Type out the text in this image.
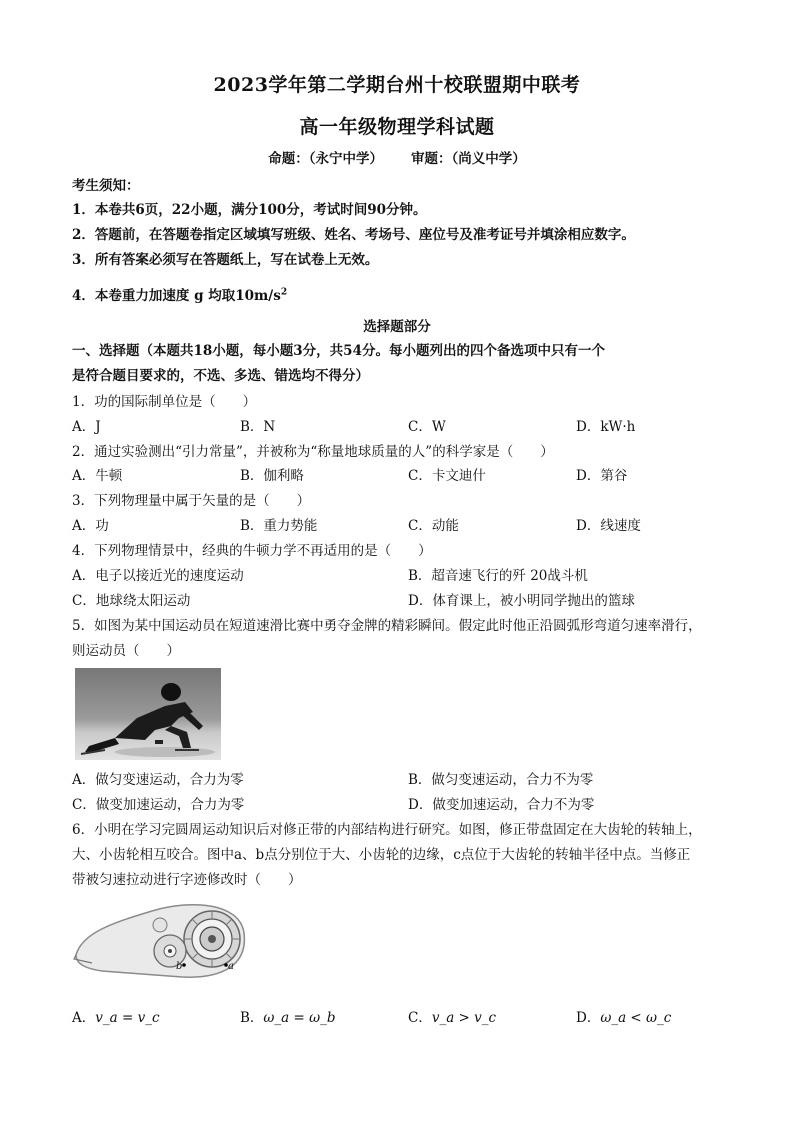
2023学年第二学期台州十校联盟期中联考
高一年级物理学科试题
命题：（永宁中学） 审题：（尚义中学）
考生须知：
1．本卷共6页，22小题，满分100分，考试时间90分钟。
2．答题前，在答题卷指定区域填写班级、姓名、考场号、座位号及准考证号并填涂相应数字。
3．所有答案必须写在答题纸上，写在试卷上无效。
4．本卷重力加速度 g 均取$10m/s^2$
选择题部分
一、选择题（本题共18小题，每小题3分，共54分。每小题列出的四个备选项中只有一个
是符合题目要求的，不选、多选、错选均不得分）
1．功的国际制单位是（　　）
A．J	B．N	C．W	D．kW·h
2．通过实验测出“引力常量”，并被称为“称量地球质量的人”的科学家是（　　）
A．牛顿	B．伽利略	C．卡文迪什	D．第谷
3．下列物理量中属于矢量的是（　　）
A．功	B．重力势能	C．动能	D．线速度
4．下列物理情景中，经典的牛顿力学不再适用的是（　　）
A．电子以接近光的速度运动	B．超音速飞行的歼 20战斗机
C．地球绕太阳运动	D．体育课上，被小明同学抛出的篮球
5．如图为某中国运动员在短道速滑比赛中勇夺金牌的精彩瞬间。假定此时他正沿圆弧形弯道匀速率滑行，
则运动员（　　）
A．做匀变速运动，合力为零	B．做匀变速运动，合力不为零
C．做变加速运动，合力为零	D．做变加速运动，合力不为零
6．小明在学习完圆周运动知识后对修正带的内部结构进行研究。如图，修正带盘固定在大齿轮的转轴上，
大、小齿轮相互咬合。图中a、b点分别位于大、小齿轮的边缘，c点位于大齿轮的转轴半径中点。当修正
带被匀速拉动进行字迹修改时（　　）
b	a
A．v_a = v_c	B．ω_a = ω_b	C．v_a > v_c	D．ω_a < ω_c
